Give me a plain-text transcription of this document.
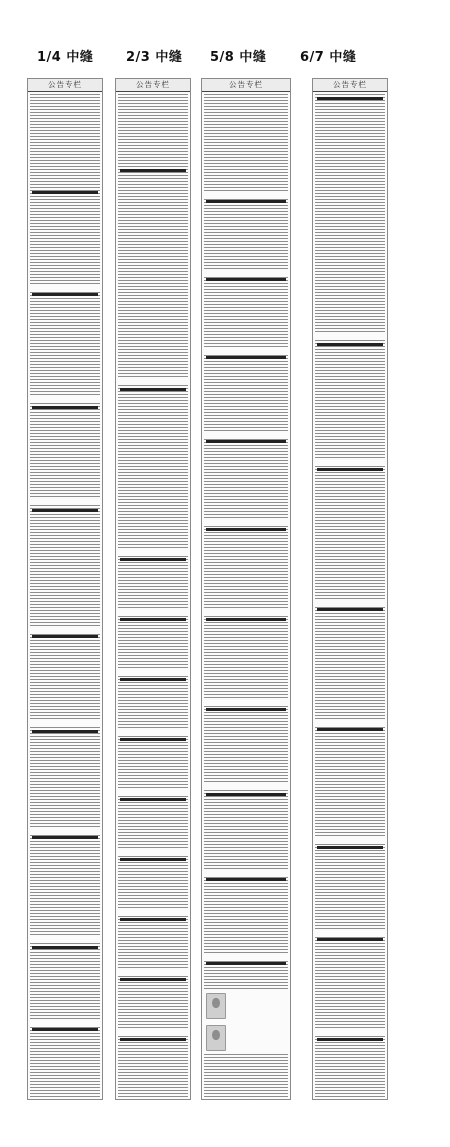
1/4 中缝	2/3 中缝 5/8 中缝	6/7 中缝
公告专栏	公告专栏	公告专栏	公告专栏
